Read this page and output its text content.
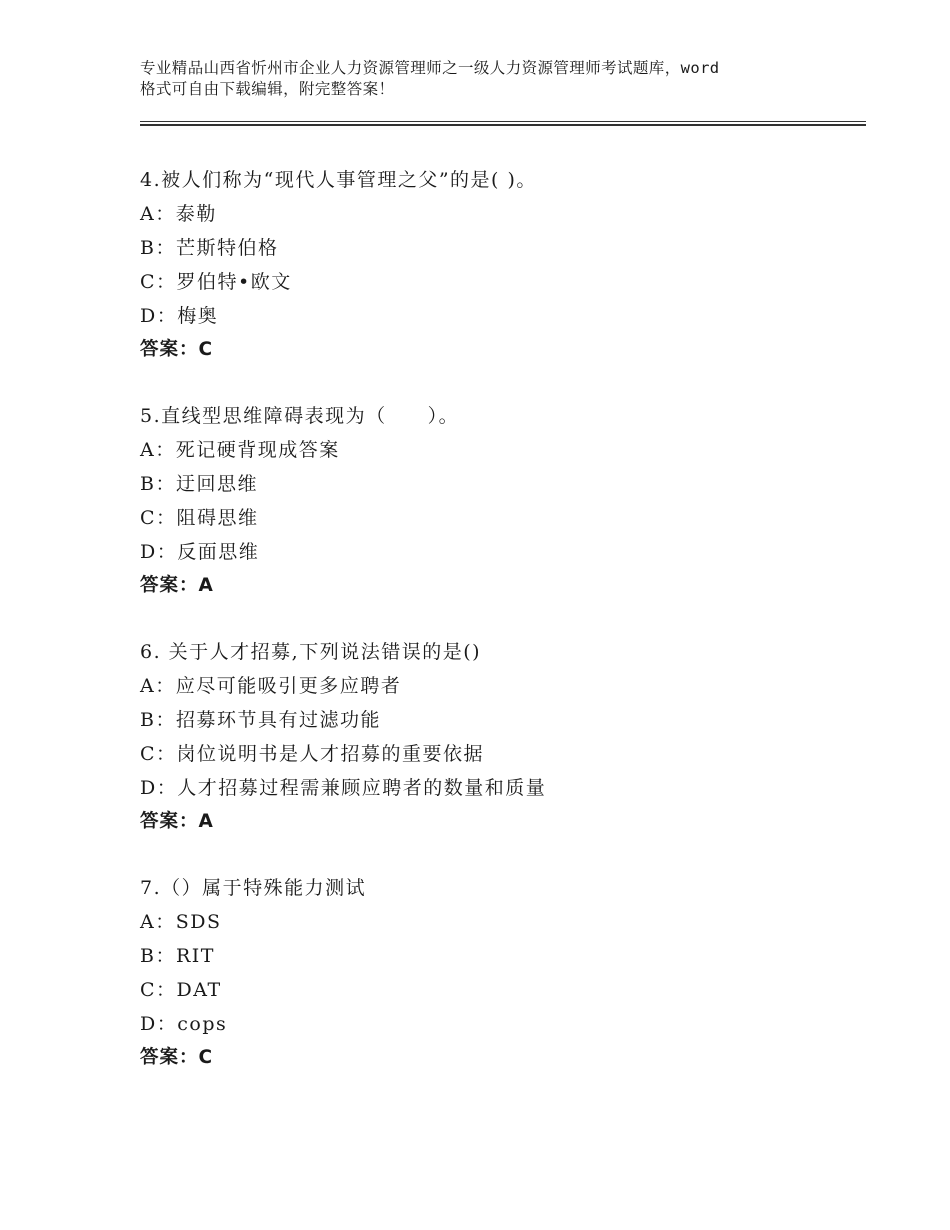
专业精品山西省忻州市企业人力资源管理师之一级人力资源管理师考试题库，word
格式可自由下载编辑，附完整答案！
4.被人们称为“现代人事管理之父”的是( )。
A：泰勒
B：芒斯特伯格
C：罗伯特•欧文
D：梅奥
答案：C
5.直线型思维障碍表现为（　　）。
A：死记硬背现成答案
B：迂回思维
C：阻碍思维
D：反面思维
答案：A
6. 关于人才招募,下列说法错误的是()
A：应尽可能吸引更多应聘者
B：招募环节具有过滤功能
C：岗位说明书是人才招募的重要依据
D：人才招募过程需兼顾应聘者的数量和质量
答案：A
7.（）属于特殊能力测试
A：SDS
B：RIT
C：DAT
D：cops
答案：C
